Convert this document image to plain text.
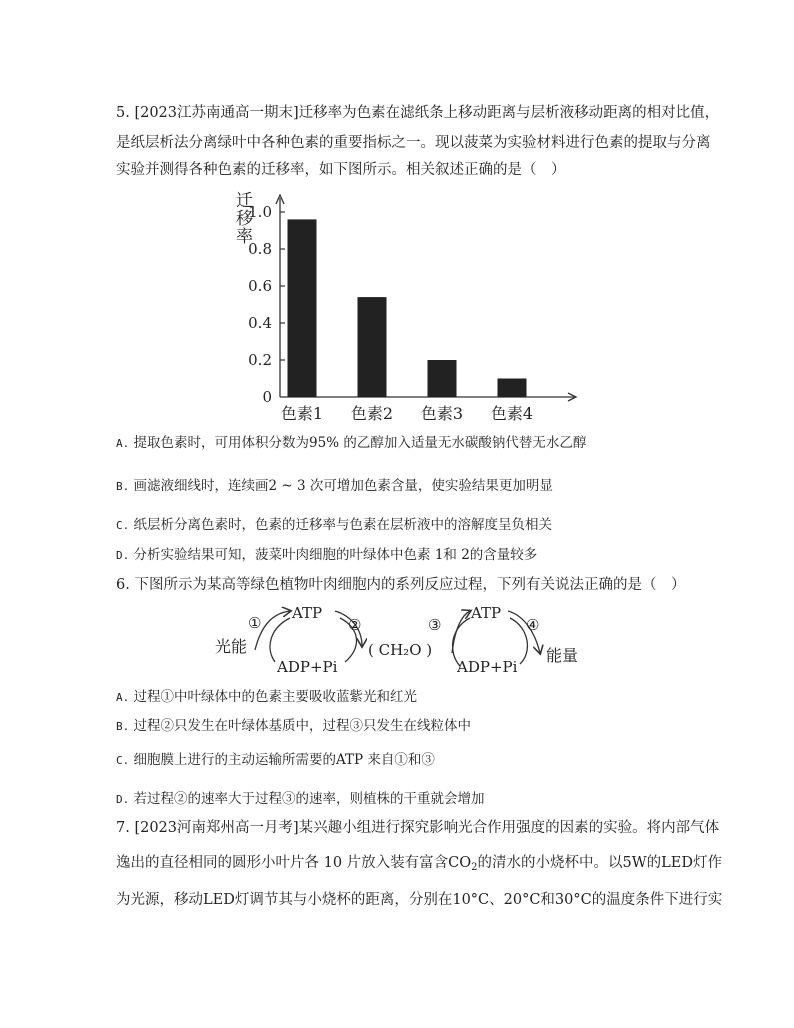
5. [2023江苏南通高一期末]迁移率为色素在滤纸条上移动距离与层析液移动距离的相对比值，
是纸层析法分离绿叶中各种色素的重要指标之一。现以菠菜为实验材料进行色素的提取与分离
实验并测得各种色素的迁移率，如下图所示。相关叙述正确的是（　）
迁移率
0
0.2
0.4
0.6
0.8
1.0
色素1 色素2 色素3 色素4
A. 提取色素时，可用体积分数为95% 的乙醇加入适量无水碳酸钠代替无水乙醇
B. 画滤液细线时，连续画2 ~ 3 次可增加色素含量，使实验结果更加明显
C. 纸层析分离色素时，色素的迁移率与色素在层析液中的溶解度呈负相关
D. 分析实验结果可知，菠菜叶肉细胞的叶绿体中色素 1和 2的含量较多
6. 下图所示为某高等绿色植物叶肉细胞内的系列反应过程，下列有关说法正确的是（　）
ATP
ADP+Pi
①	②
光能	( CH₂O )
ATP
ADP+Pi
③	④
能量
A. 过程①中叶绿体中的色素主要吸收蓝紫光和红光
B. 过程②只发生在叶绿体基质中，过程③只发生在线粒体中
C. 细胞膜上进行的主动运输所需要的ATP 来自①和③
D. 若过程②的速率大于过程③的速率，则植株的干重就会增加
7. [2023河南郑州高一月考]某兴趣小组进行探究影响光合作用强度的因素的实验。将内部气体
逸出的直径相同的圆形小叶片各 10 片放入装有富含$CO_2$的清水的小烧杯中。以5W的LED灯作
为光源，移动LED灯调节其与小烧杯的距离，分别在10°C、20°C和30°C的温度条件下进行实
